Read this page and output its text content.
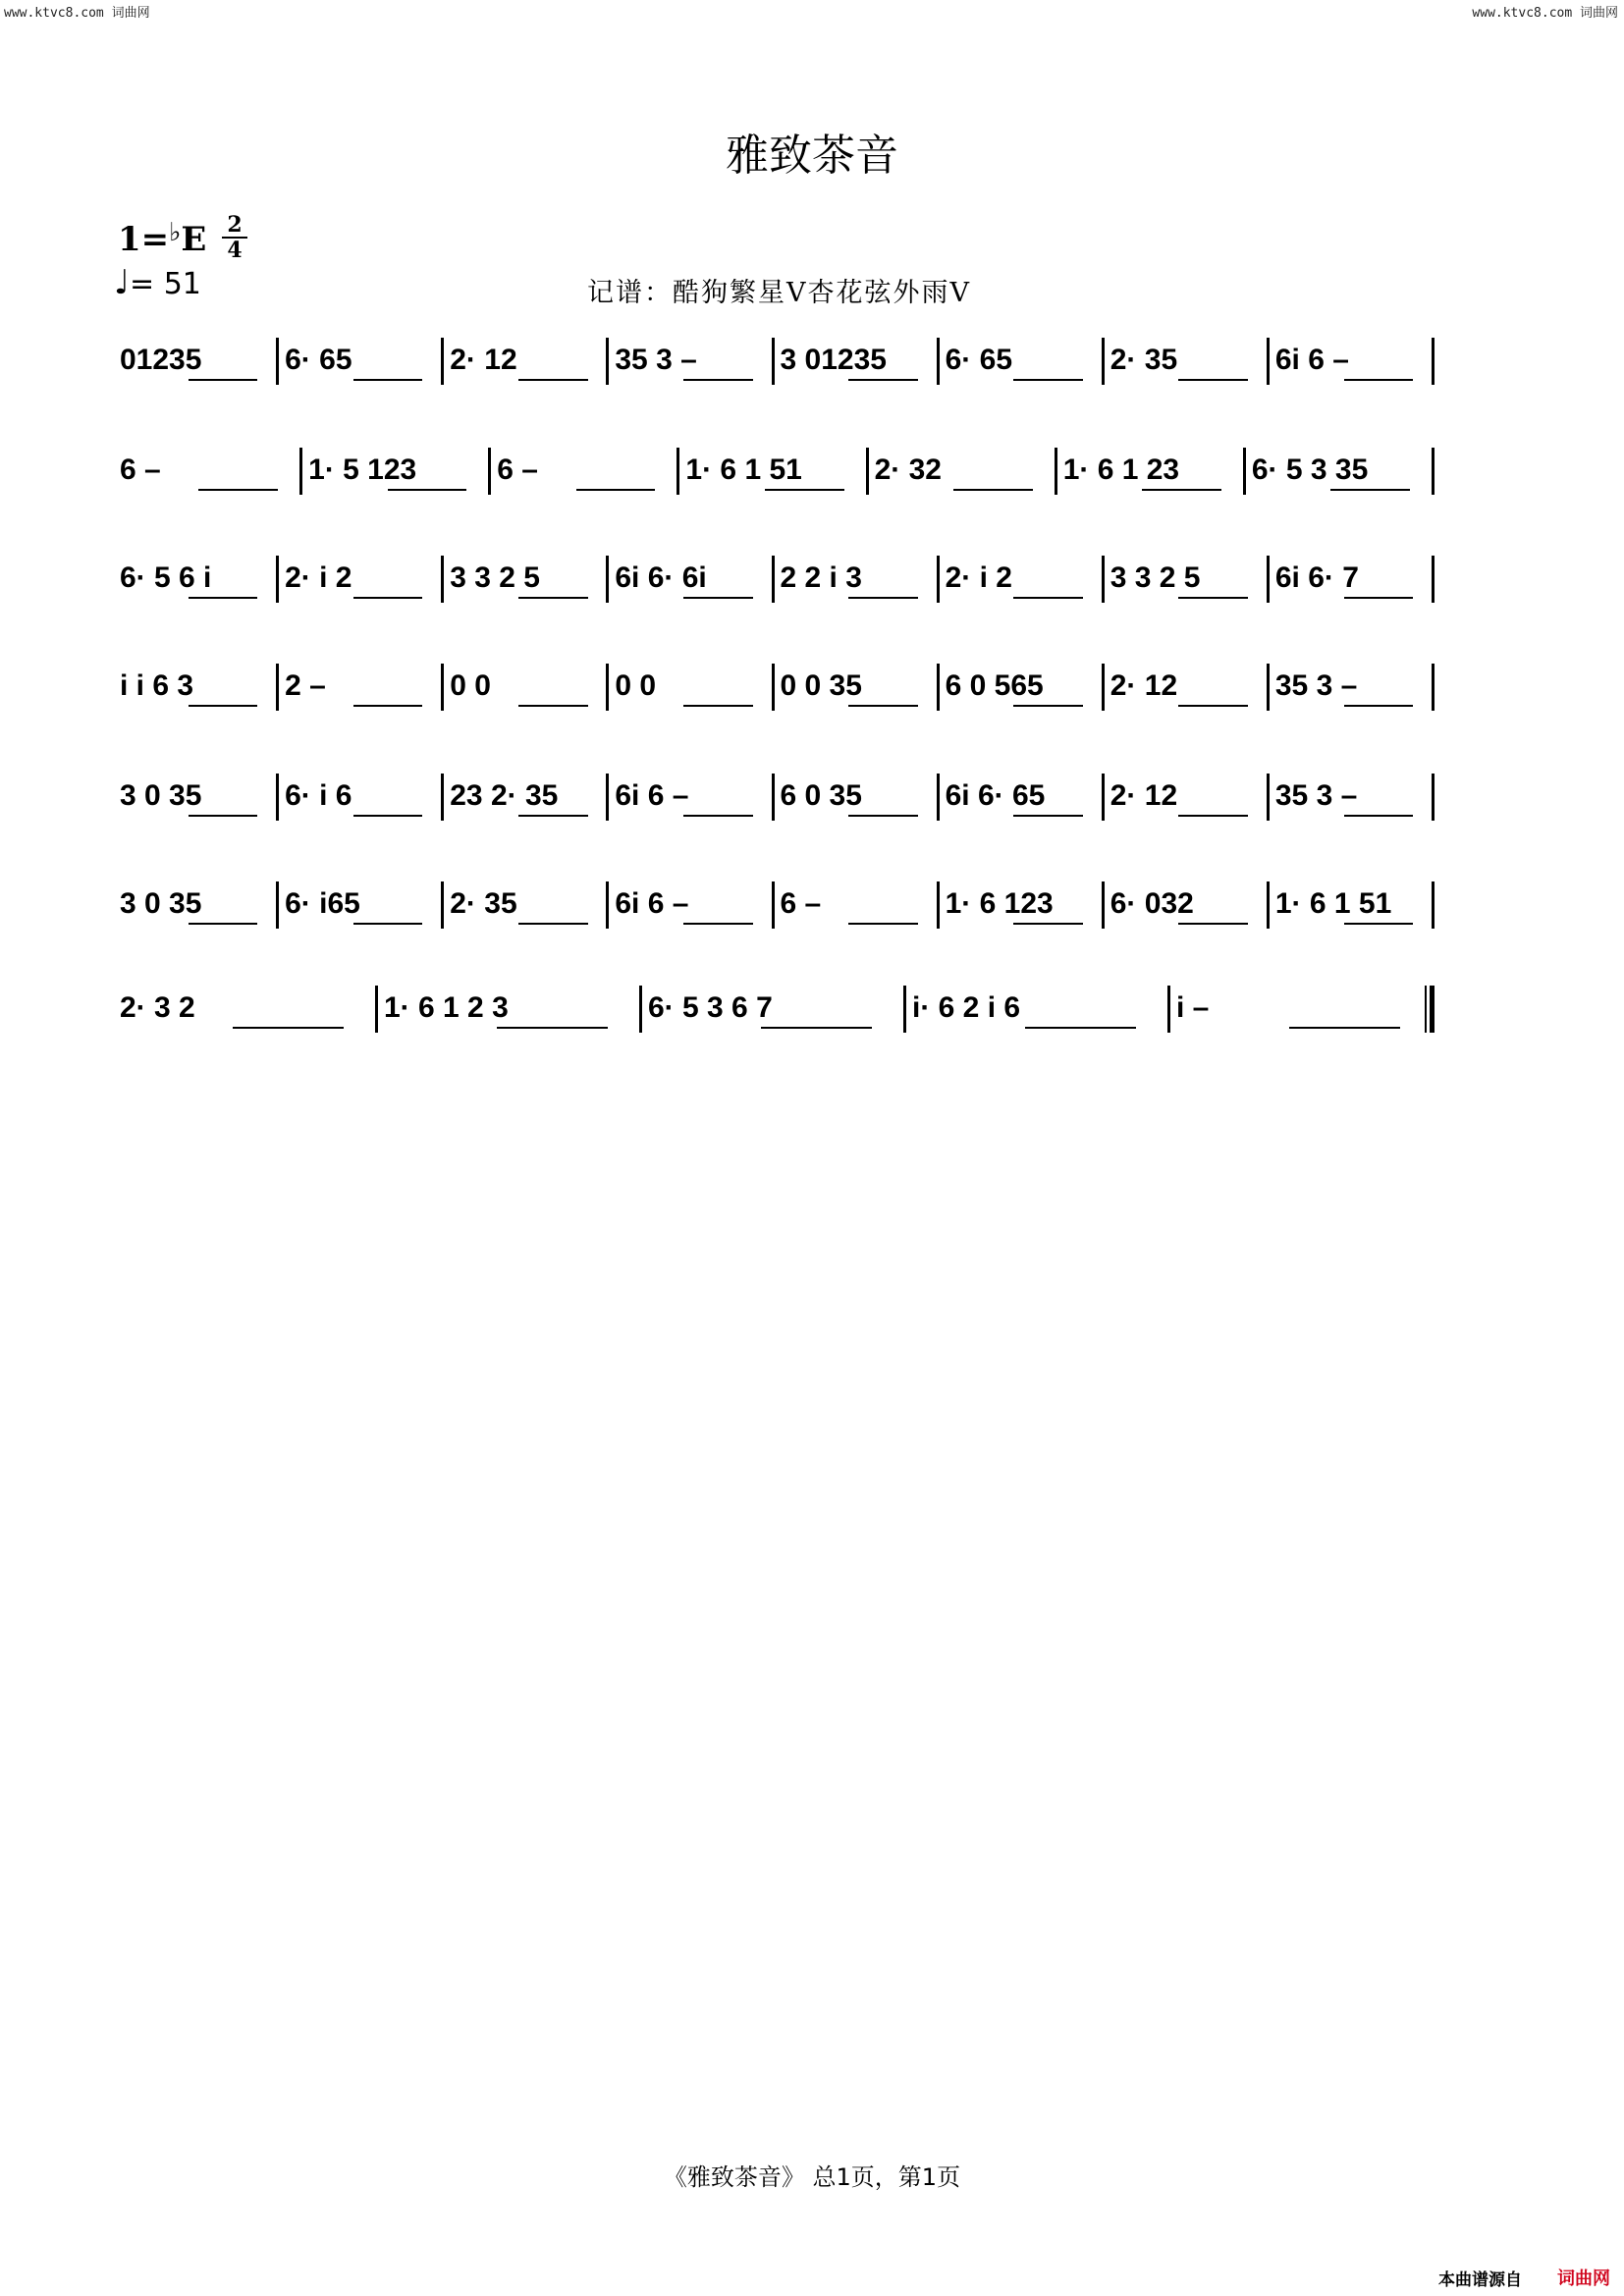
www.ktvc8.com 词曲网	www.ktvc8.com 词曲网
雅致茶音
1=♭E 2
4
♩= 51	记谱：酷狗繁星V杏花弦外雨V
01235	6· 65	2· 12	35 3 –	3 01235 6· 65	2· 35	6i 6 –
6 –	1· 5 123	6 –	1· 6 1 51 2· 32	1· 6 1 23 6· 5 3 35
6· 5 6 i 2· i 2	3 3 2 5	6i 6· 6i 2 2 i 3	2· i 2	3 3 2 5	6i 6· 7
i i 6 3	2 –	0 0	0 0	0 0 35	6 0 565 2· 12	35 3 –
3 0 35	6· i 6	23 2· 35 6i 6 –	6 0 35	6i 6· 65 2· 12	35 3 –
3 0 35	6· i65	2· 35	6i 6 –	6 –	1· 6 123 6· 032	1· 6 1 51
2· 3 2	1· 6 1 2 3	6· 5 3 6 7	i· 6 2 i 6	i –
《雅致茶音》 总1页，第1页
本曲谱源自 词曲网
